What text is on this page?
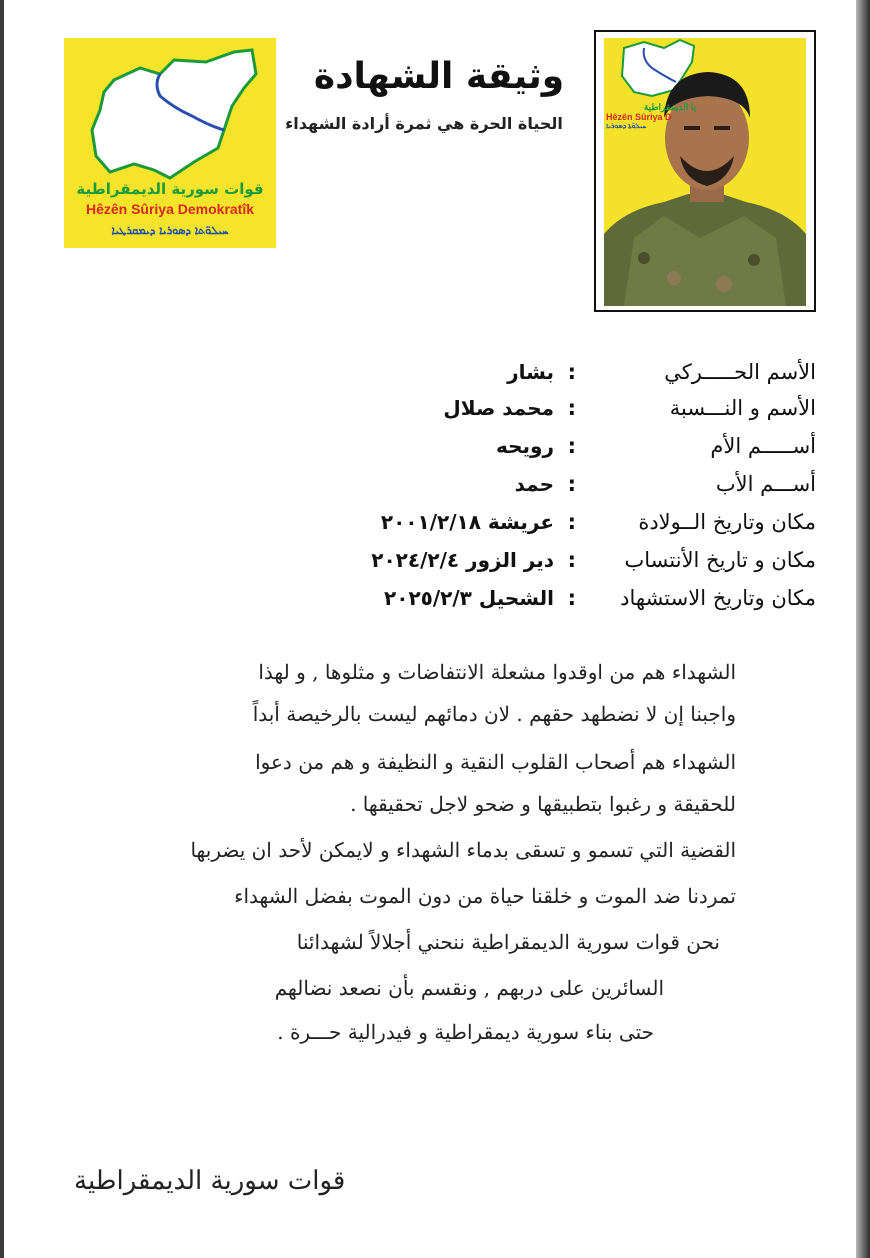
قوات سورية الديمقراطية
Hêzên Sûriya Demokratîk
ܚܝܠܘ̈ܬܐ ܕܣܘܪܝܐ ܕܝܡܩܪܛܝܐ
وثيقة الشهادة
الحياة الحرة هي ثمرة أرادة الشهداء
يا الديمقراطية
Hêzên Sûriya D
ܚܝܠܘ̈ܬܐ ܕܣܘܪܝܐ
الأسم الحـــــركي
:
بشار
الأسم و النـــسبة
:
محمد صلال
أســـــم الأم
:
رويحه
أســـم الأب
:
حمد
مكان وتاريخ الــولادة
:
عريشة ٢٠٠١/٢/١٨
مكان و تاريخ الأنتساب
:
دير الزور ٢٠٢٤/٢/٤
مكان وتاريخ الاستشهاد
:
الشحيل ٢٠٢٥/٢/٣
الشهداء هم من اوقدوا مشعلة الانتفاضات و مثلوها , و لهذا
واجبنا إن لا نضطهد حقهم . لان دمائهم ليست بالرخيصة أبداً
الشهداء هم أصحاب القلوب النقية و النظيفة و هم من دعوا
للحقيقة و رغبوا بتطبيقها و ضحو لاجل تحقيقها .
القضية التي تسمو و تسقى بدماء الشهداء و لايمكن لأحد ان يضربها
تمردنا ضد الموت و خلقنا حياة من دون الموت بفضل الشهداء
نحن قوات سورية الديمقراطية ننحني أجلالاً لشهدائنا
السائرين على دربهم , ونقسم بأن نصعد نضالهم
حتى بناء سورية ديمقراطية و فيدرالية حـــرة .
قوات سورية الديمقراطية
